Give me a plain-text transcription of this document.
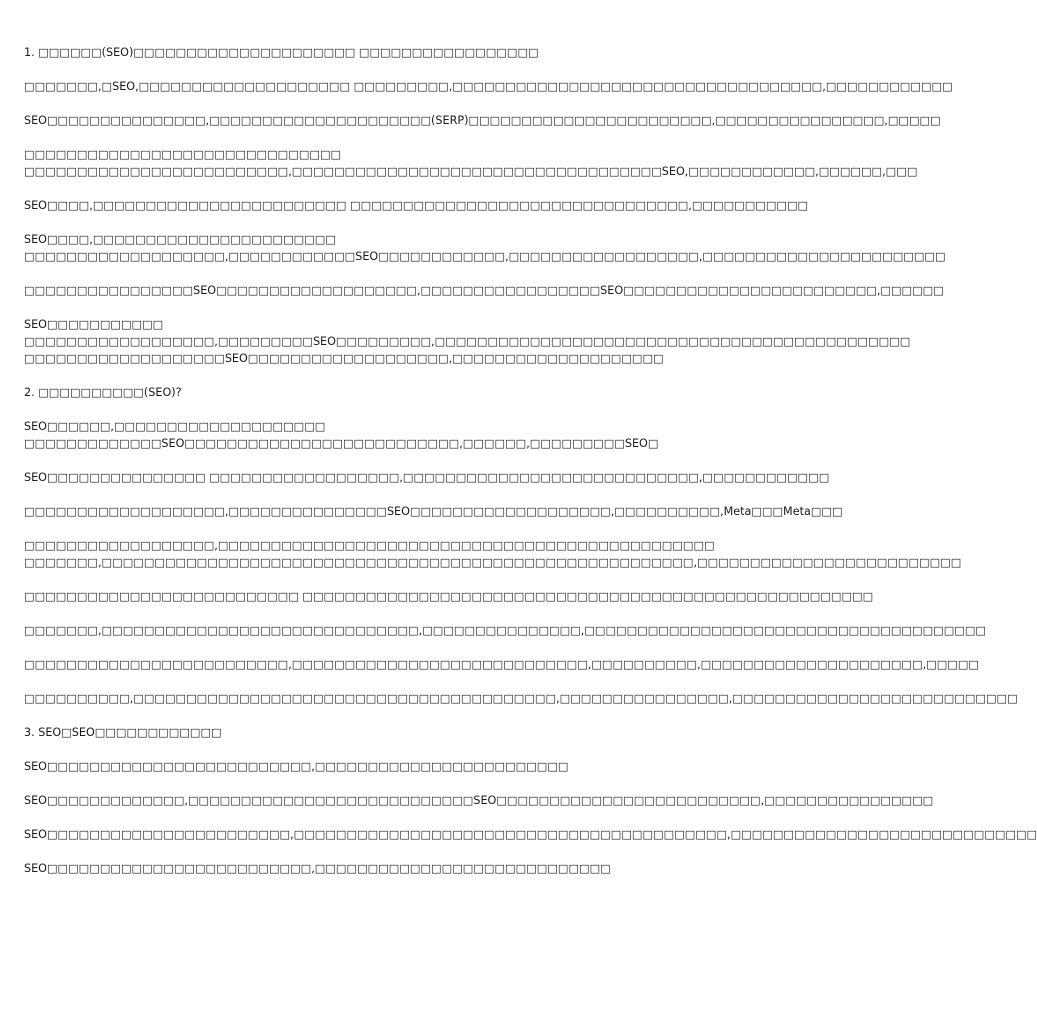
1. □□□□□□(SEO)□□□□□□□□□□□□□□□□□□□□□ □□□□□□□□□□□□□□□□□
□□□□□□□,□SEO,□□□□□□□□□□□□□□□□□□□□ □□□□□□□□□,□□□□□□□□□□□□□□□□□□□□□□□□□□□□□□□□□□□,□□□□□□□□□□□□
SEO□□□□□□□□□□□□□□□,□□□□□□□□□□□□□□□□□□□□□(SERP)□□□□□□□□□□□□□□□□□□□□□□□,□□□□□□□□□□□□□□□□,□□□□□
□□□□□□□□□□□□□□□□□□□□□□□□□□□□□□
□□□□□□□□□□□□□□□□□□□□□□□□□,□□□□□□□□□□□□□□□□□□□□□□□□□□□□□□□□□□□SEO,□□□□□□□□□□□□,□□□□□□,□□□
SEO□□□□,□□□□□□□□□□□□□□□□□□□□□□□□ □□□□□□□□□□□□□□□□□□□□□□□□□□□□□□□□,□□□□□□□□□□□
SEO□□□□,□□□□□□□□□□□□□□□□□□□□□□□
□□□□□□□□□□□□□□□□□□□,□□□□□□□□□□□□SEO□□□□□□□□□□□□,□□□□□□□□□□□□□□□□□□,□□□□□□□□□□□□□□□□□□□□□□□
□□□□□□□□□□□□□□□□SEO□□□□□□□□□□□□□□□□□□□,□□□□□□□□□□□□□□□□□SEO□□□□□□□□□□□□□□□□□□□□□□□□,□□□□□□
SEO□□□□□□□□□□□
□□□□□□□□□□□□□□□□□□,□□□□□□□□□SEO□□□□□□□□□,□□□□□□□□□□□□□□□□□□□□□□□□□□□□□□□□□□□□□□□□□□□□□
□□□□□□□□□□□□□□□□□□□SEO□□□□□□□□□□□□□□□□□□□,□□□□□□□□□□□□□□□□□□□□
2. □□□□□□□□□□(SEO)?
SEO□□□□□□,□□□□□□□□□□□□□□□□□□□□
□□□□□□□□□□□□□SEO□□□□□□□□□□□□□□□□□□□□□□□□□□,□□□□□□,□□□□□□□□□SEO□
SEO□□□□□□□□□□□□□□□ □□□□□□□□□□□□□□□□□□,□□□□□□□□□□□□□□□□□□□□□□□□□□□□,□□□□□□□□□□□□
□□□□□□□□□□□□□□□□□□□,□□□□□□□□□□□□□□□SEO□□□□□□□□□□□□□□□□□□□,□□□□□□□□□□,Meta□□□Meta□□□
□□□□□□□□□□□□□□□□□□,□□□□□□□□□□□□□□□□□□□□□□□□□□□□□□□□□□□□□□□□□□□□□□□
□□□□□□□,□□□□□□□□□□□□□□□□□□□□□□□□□□□□□□□□□□□□□□□□□□□□□□□□□□□□□□□□,□□□□□□□□□□□□□□□□□□□□□□□□□
□□□□□□□□□□□□□□□□□□□□□□□□□□ □□□□□□□□□□□□□□□□□□□□□□□□□□□□□□□□□□□□□□□□□□□□□□□□□□□□□□
□□□□□□□,□□□□□□□□□□□□□□□□□□□□□□□□□□□□□□,□□□□□□□□□□□□□□□,□□□□□□□□□□□□□□□□□□□□□□□□□□□□□□□□□□□□□□
□□□□□□□□□□□□□□□□□□□□□□□□□,□□□□□□□□□□□□□□□□□□□□□□□□□□□□,□□□□□□□□□□,□□□□□□□□□□□□□□□□□□□□□,□□□□□
□□□□□□□□□□,□□□□□□□□□□□□□□□□□□□□□□□□□□□□□□□□□□□□□□□□,□□□□□□□□□□□□□□□□,□□□□□□□□□□□□□□□□□□□□□□□□□□□
3. SEO□SEO□□□□□□□□□□□□
SEO□□□□□□□□□□□□□□□□□□□□□□□□□,□□□□□□□□□□□□□□□□□□□□□□□□
SEO□□□□□□□□□□□□□,□□□□□□□□□□□□□□□□□□□□□□□□□□□SEO□□□□□□□□□□□□□□□□□□□□□□□□□,□□□□□□□□□□□□□□□□
SEO□□□□□□□□□□□□□□□□□□□□□□□,□□□□□□□□□□□□□□□□□□□□□□□□□□□□□□□□□□□□□□□□□,□□□□□□□□□□□□□□□□□□□□□□□□□□□□□
SEO□□□□□□□□□□□□□□□□□□□□□□□□□,□□□□□□□□□□□□□□□□□□□□□□□□□□□□
